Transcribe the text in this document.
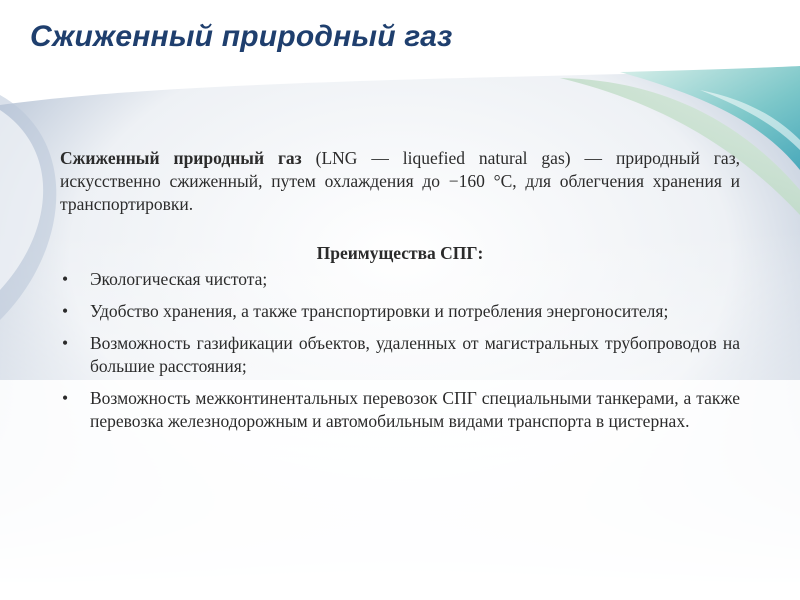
Сжиженный природный газ

Сжиженный природный газ (LNG — liquefied natural gas) — природный газ, искусственно сжиженный, путем охлаждения до −160 °С, для облегчения хранения и транспортировки.

Преимущества СПГ:

• Экологическая чистота;
• Удобство хранения, а также транспортировки и потребления энергоносителя;
• Возможность газификации объектов, удаленных от магистральных трубопроводов на большие расстояния;
• Возможность межконтинентальных перевозок СПГ специальными танкерами, а также перевозка железнодорожным и автомобильным видами транспорта в цистернах.
